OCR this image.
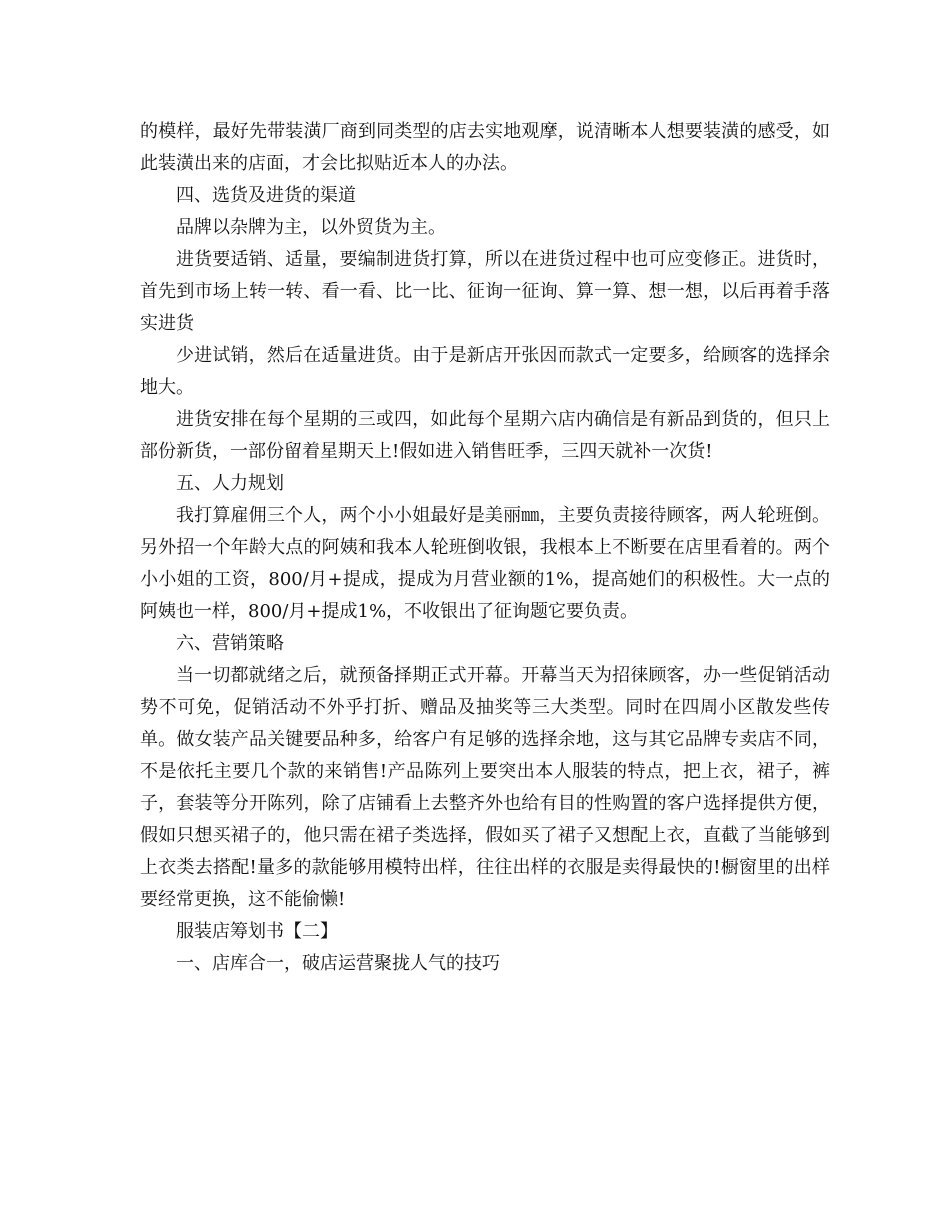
的模样，最好先带装潢厂商到同类型的店去实地观摩，说清晰本人想要装潢的感受，如此装潢出来的店面，才会比拟贴近本人的办法。

四、选货及进货的渠道

品牌以杂牌为主，以外贸货为主。

进货要适销、适量，要编制进货打算，所以在进货过程中也可应变修正。进货时，首先到市场上转一转、看一看、比一比、征询一征询、算一算、想一想，以后再着手落实进货

少进试销，然后在适量进货。由于是新店开张因而款式一定要多，给顾客的选择余地大。

进货安排在每个星期的三或四，如此每个星期六店内确信是有新品到货的，但只上部份新货，一部份留着星期天上!假如进入销售旺季，三四天就补一次货!

五、人力规划

我打算雇佣三个人，两个小小姐最好是美丽㎜，主要负责接待顾客，两人轮班倒。另外招一个年龄大点的阿姨和我本人轮班倒收银，我根本上不断要在店里看着的。两个小小姐的工资，800/月+提成，提成为月营业额的1%，提高她们的积极性。大一点的阿姨也一样，800/月+提成1%，不收银出了征询题它要负责。

六、营销策略

当一切都就绪之后，就预备择期正式开幕。开幕当天为招徕顾客，办一些促销活动势不可免，促销活动不外乎打折、赠品及抽奖等三大类型。同时在四周小区散发些传单。做女装产品关键要品种多，给客户有足够的选择余地，这与其它品牌专卖店不同，不是依托主要几个款的来销售!产品陈列上要突出本人服装的特点，把上衣，裙子，裤子，套装等分开陈列，除了店铺看上去整齐外也给有目的性购置的客户选择提供方便，假如只想买裙子的，他只需在裙子类选择，假如买了裙子又想配上衣，直截了当能够到上衣类去搭配!量多的款能够用模特出样，往往出样的衣服是卖得最快的!橱窗里的出样要经常更换，这不能偷懒!

服装店筹划书【二】

一、店库合一，破店运营聚拢人气的技巧
